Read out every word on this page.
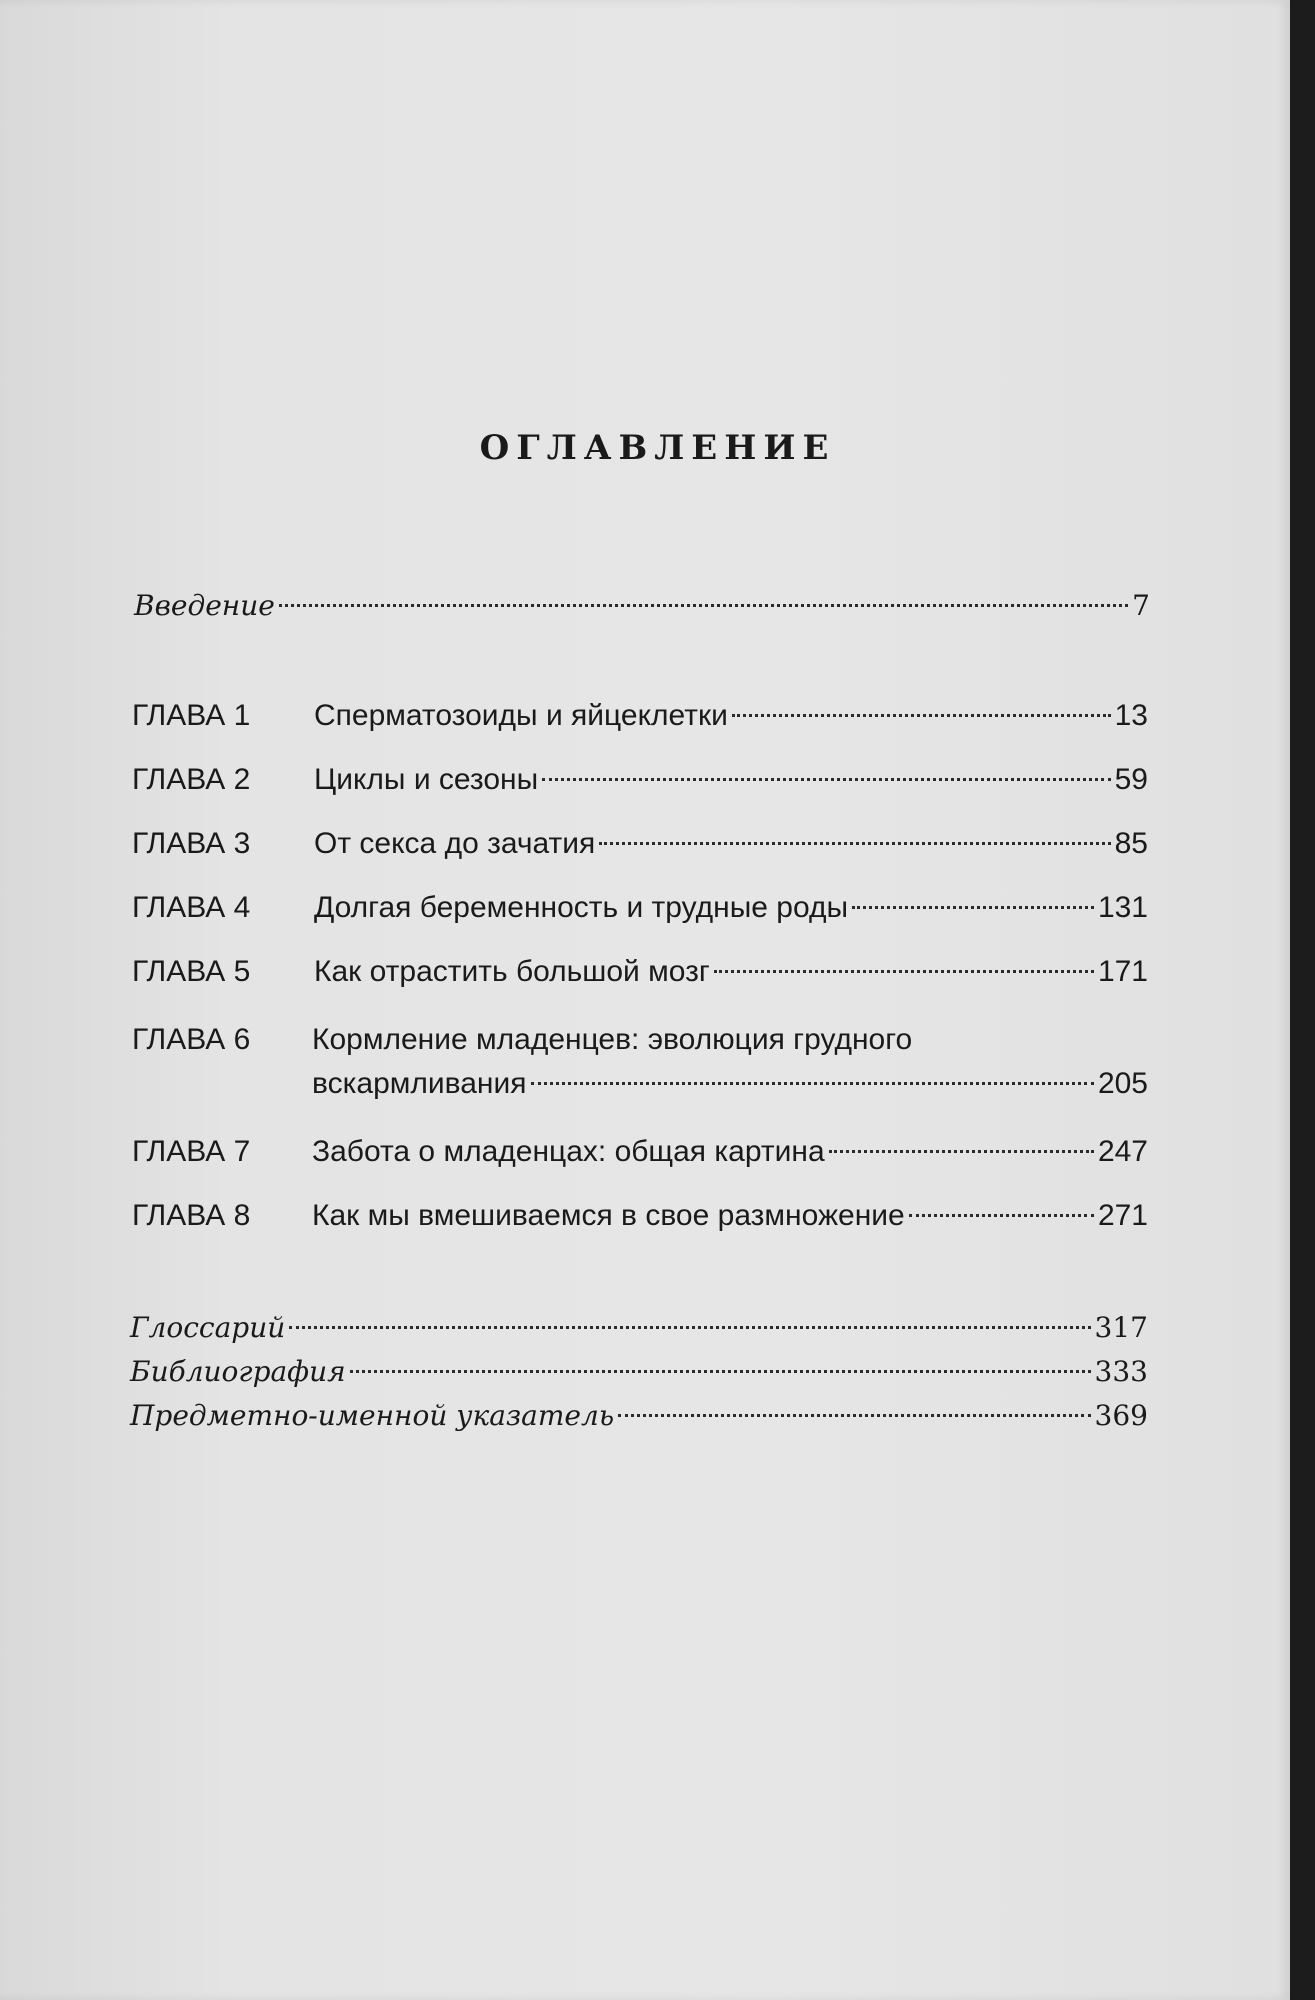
ОГЛАВЛЕНИЕ
Введение	7
ГЛАВА 1 Сперматозоиды и яйцеклетки	13
ГЛАВА 2 Циклы и сезоны	59
ГЛАВА 3 От секса до зачатия	85
ГЛАВА 4 Долгая беременность и трудные роды	131
ГЛАВА 5 Как отрастить большой мозг	171
ГЛАВА 6 Кормление младенцев: эволюция грудного
вскармливания	205
ГЛАВА 7 Забота о младенцах: общая картина	247
ГЛАВА 8 Как мы вмешиваемся в свое размножение	271
Глоссарий	317
Библиография	333
Предметно-именной указатель	369
